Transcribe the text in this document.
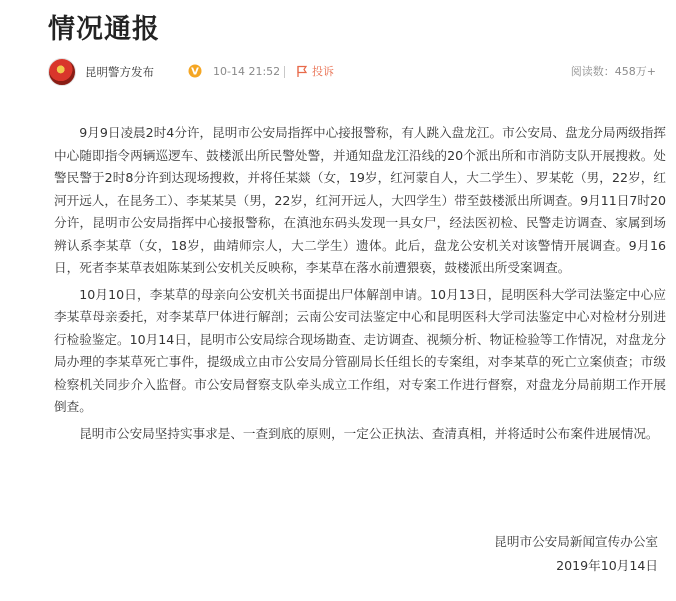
情况通报
昆明警方发布	V 10-14 21:52	投诉	阅读数：458万+

9月9日凌晨2时4分许，昆明市公安局指挥中心接报警称，有人跳入盘龙江。市公安局、盘龙分局两级指挥中心随即指令两辆巡逻车、鼓楼派出所民警处警，并通知盘龙江沿线的20个派出所和市消防支队开展搜救。处警民警于2时8分许到达现场搜救，并将任某燚（女，19岁，红河蒙自人，大二学生）、罗某乾（男，22岁，红河开远人，在昆务工）、李某某昊（男，22岁，红河开远人，大四学生）带至鼓楼派出所调查。9月11日7时20分许，昆明市公安局指挥中心接报警称，在滇池东码头发现一具女尸，经法医初检、民警走访调查、家属到场辨认系李某草（女，18岁，曲靖师宗人，大二学生）遗体。此后，盘龙公安机关对该警情开展调查。9月16日，死者李某草表姐陈某到公安机关反映称，李某草在落水前遭猥亵，鼓楼派出所受案调查。

10月10日，李某草的母亲向公安机关书面提出尸体解剖申请。10月13日，昆明医科大学司法鉴定中心应李某草母亲委托，对李某草尸体进行解剖；云南公安司法鉴定中心和昆明医科大学司法鉴定中心对检材分别进行检验鉴定。10月14日，昆明市公安局综合现场勘查、走访调查、视频分析、物证检验等工作情况，对盘龙分局办理的李某草死亡事件，提级成立由市公安局分管副局长任组长的专案组，对李某草的死亡立案侦查；市级检察机关同步介入监督。市公安局督察支队牵头成立工作组，对专案工作进行督察，对盘龙分局前期工作开展倒查。

昆明市公安局坚持实事求是、一查到底的原则，一定公正执法、查清真相，并将适时公布案件进展情况。

昆明市公安局新闻宣传办公室
2019年10月14日
